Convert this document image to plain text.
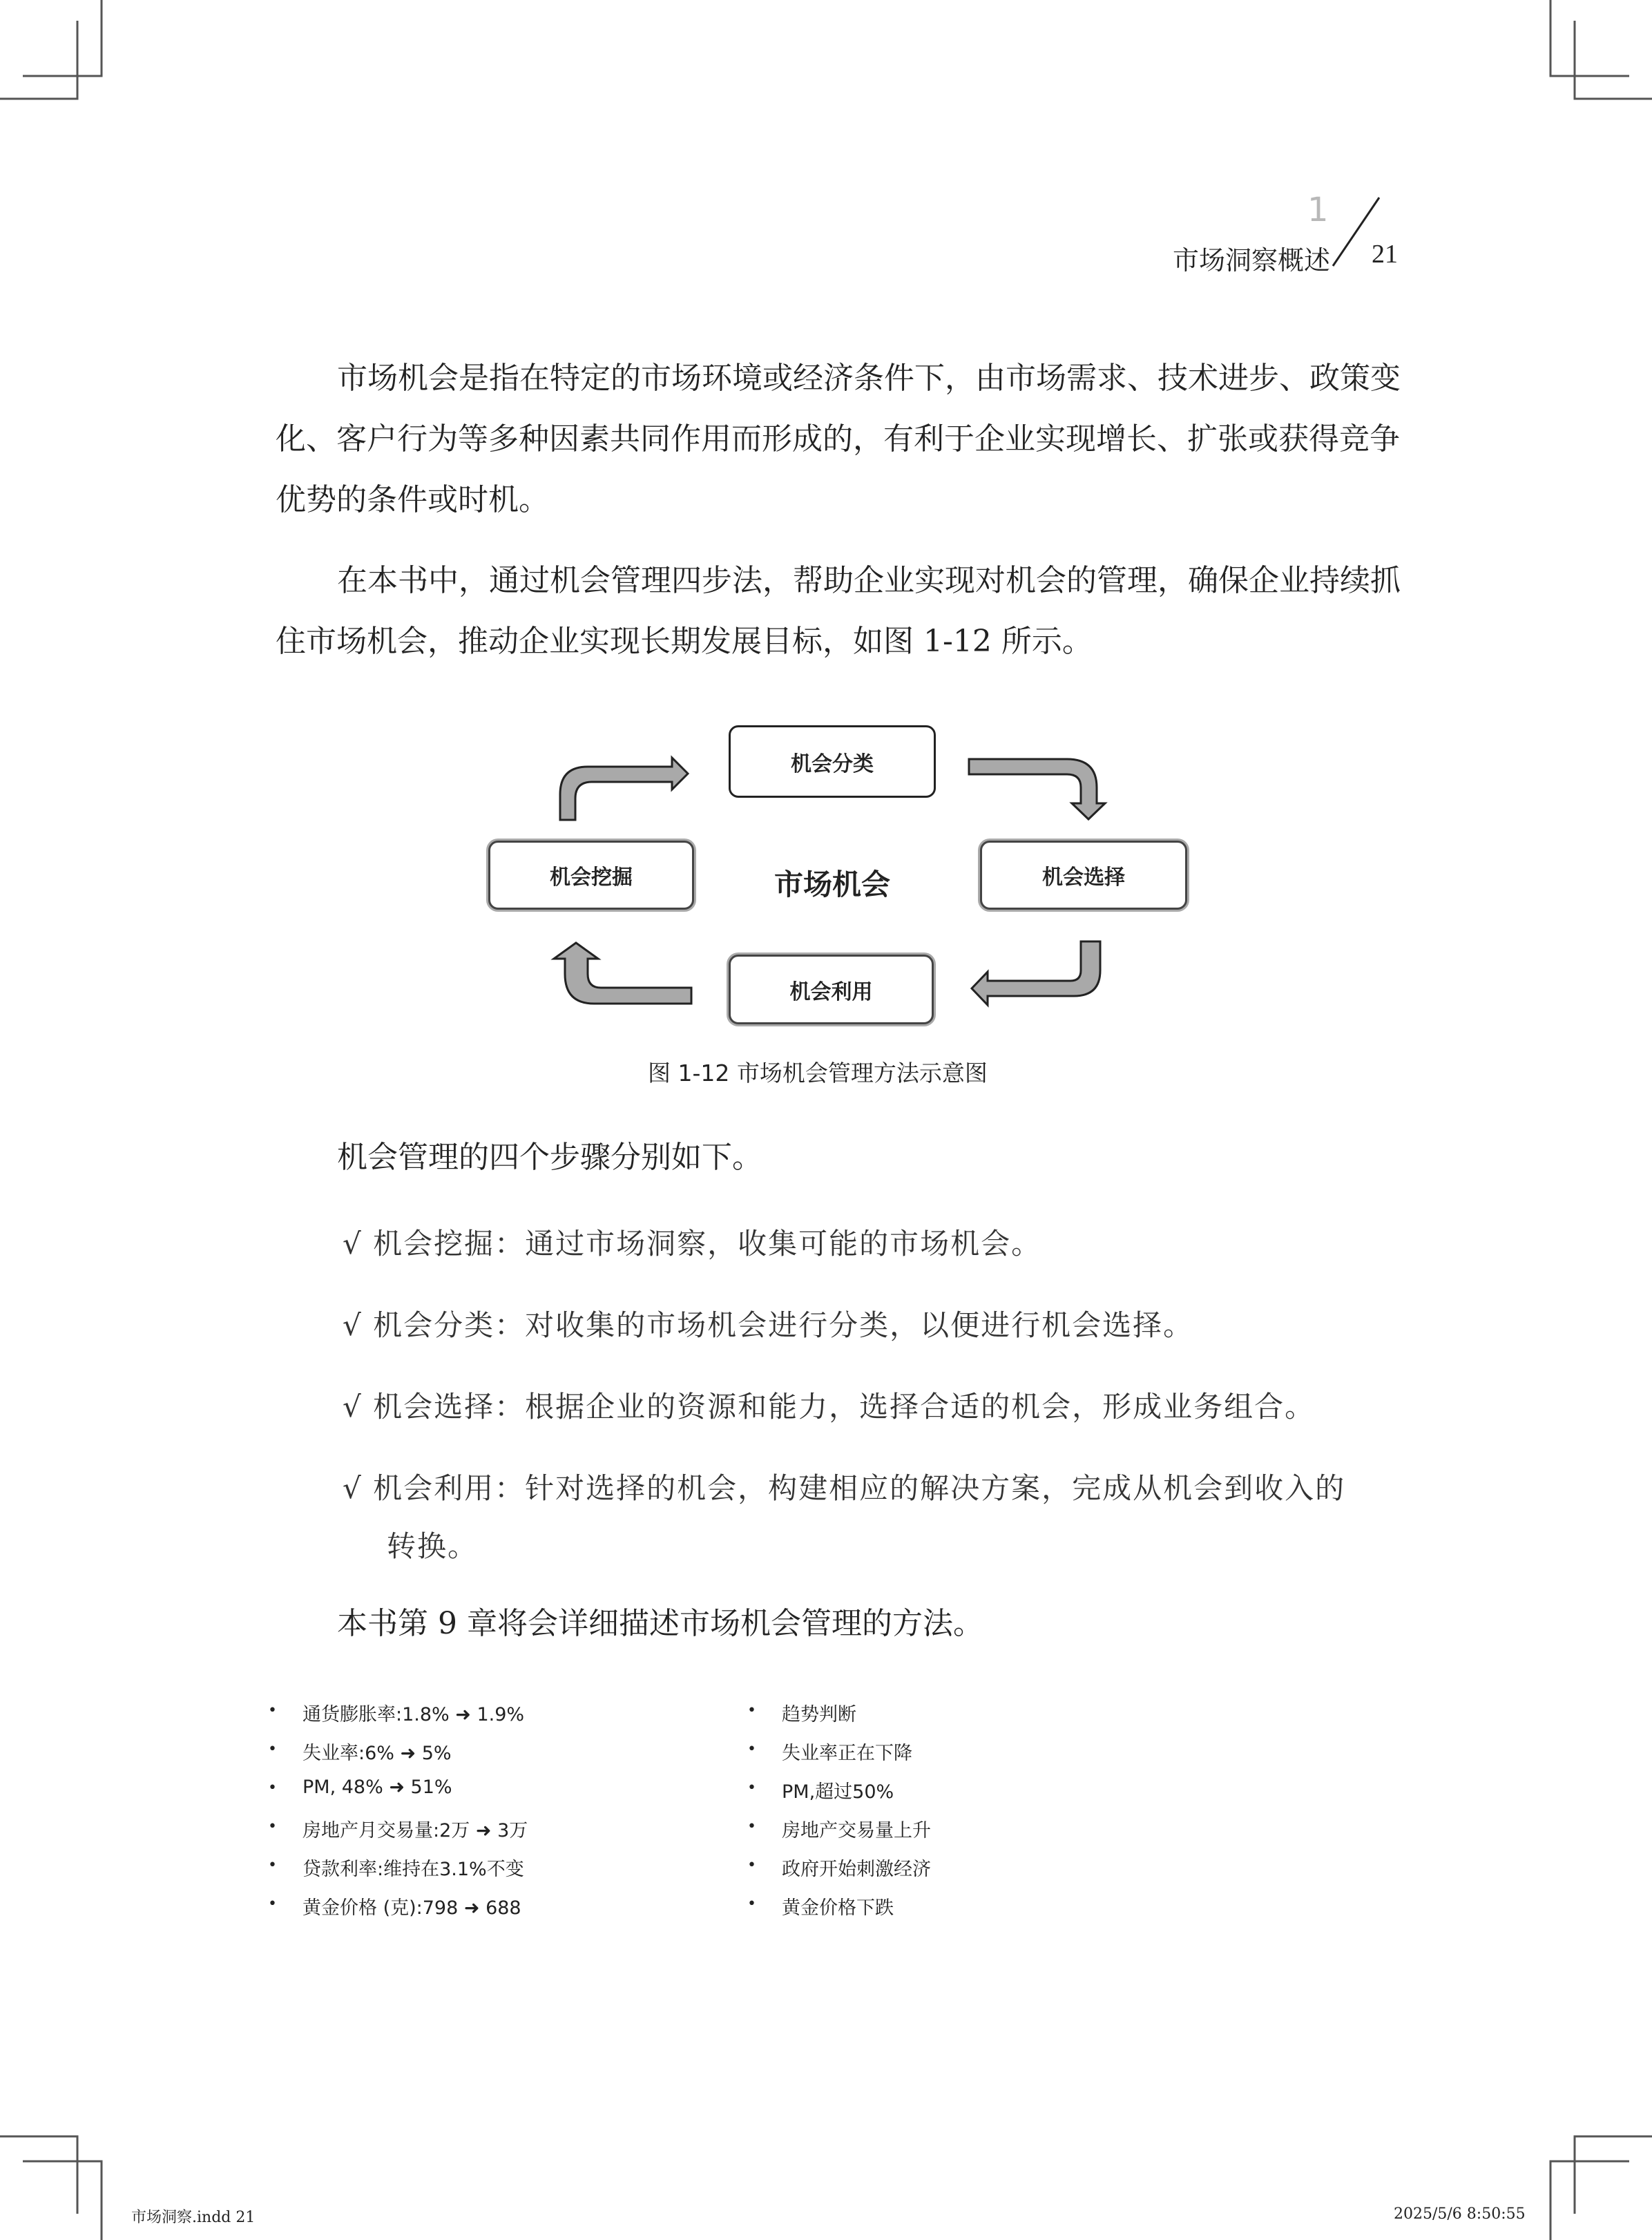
1
市场洞察概述 21
市场机会是指在特定的市场环境或经济条件下，由市场需求、技术进步、政策变
化、客户行为等多种因素共同作用而形成的，有利于企业实现增长、扩张或获得竞争
优势的条件或时机。
在本书中，通过机会管理四步法，帮助企业实现对机会的管理，确保企业持续抓
住市场机会，推动企业实现长期发展目标，如图 1-12 所示。
机会分类
机会挖掘	机会选择
机会利用
市场机会
图 1-12 市场机会管理方法示意图
机会管理的四个步骤分别如下。
√ 机会挖掘：通过市场洞察，收集可能的市场机会。
√ 机会分类：对收集的市场机会进行分类，以便进行机会选择。
√ 机会选择：根据企业的资源和能力，选择合适的机会，形成业务组合。
√ 机会利用：针对选择的机会，构建相应的解决方案，完成从机会到收入的
转换。
本书第 9 章将会详细描述市场机会管理的方法。
• 通货膨胀率:1.8% ➜ 1.9%
• 失业率:6% ➜ 5%
• PM, 48% ➜ 51%
• 房地产月交易量:2万 ➜ 3万
• 贷款利率:维持在3.1%不变
• 黄金价格 (克):798 ➜ 688
• 趋势判断
• 失业率正在下降
• PM,超过50%
• 房地产交易量上升
• 政府开始刺激经济
• 黄金价格下跌
市场洞察.indd 21	2025/5/6 8:50:55
